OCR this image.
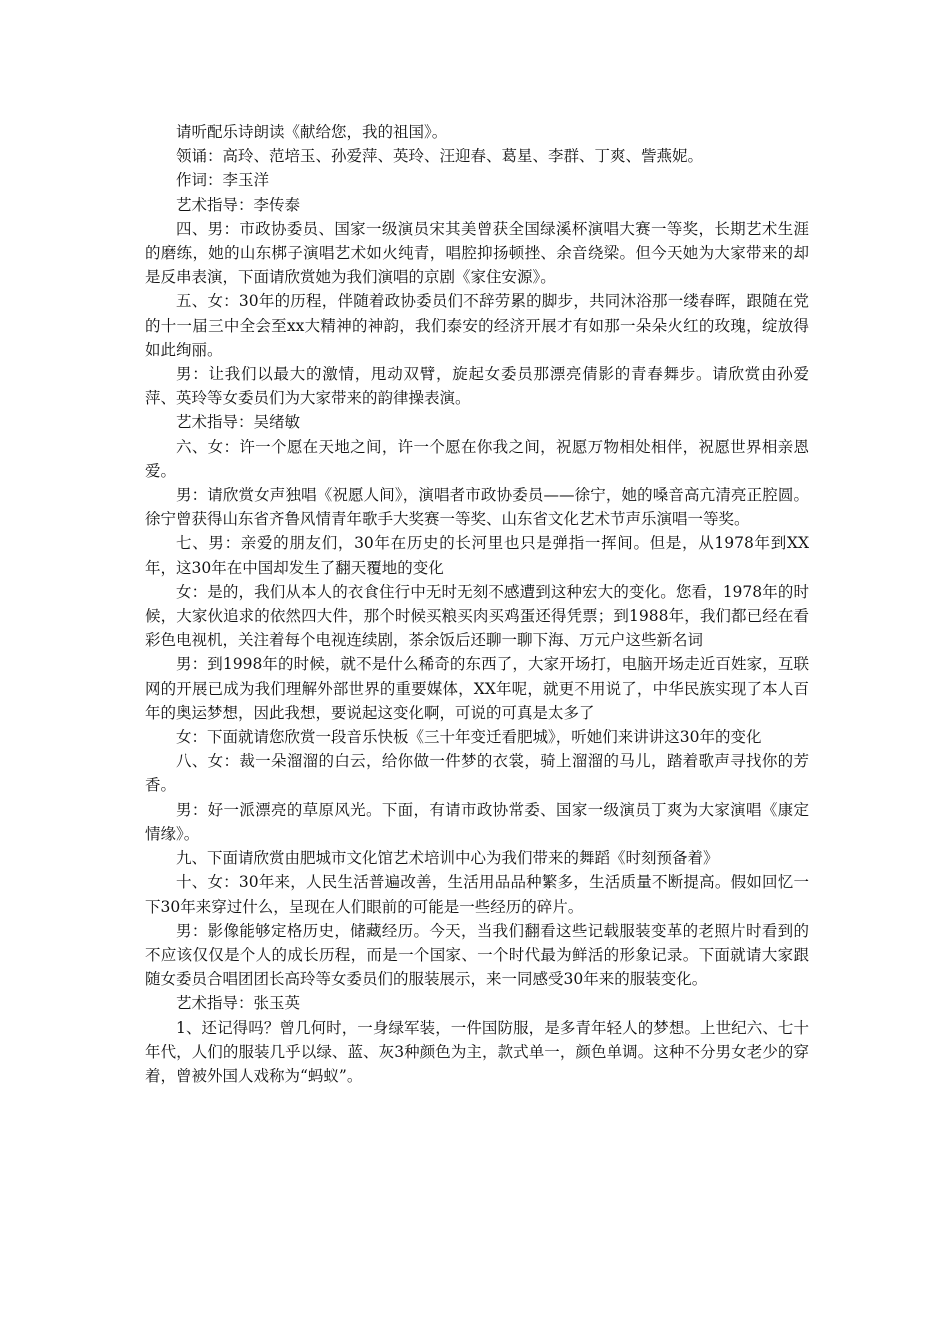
请听配乐诗朗读《献给您，我的祖国》。

领诵：高玲、范培玉、孙爱萍、英玲、汪迎春、葛星、李群、丁爽、訾燕妮。

作词：李玉洋

艺术指导：李传泰

四、男：市政协委员、国家一级演员宋其美曾获全国绿溪杯演唱大赛一等奖，长期艺术生涯的磨练，她的山东梆子演唱艺术如火纯青，唱腔抑扬顿挫、余音绕梁。但今天她为大家带来的却是反串表演，下面请欣赏她为我们演唱的京剧《家住安源》。

五、女：30年的历程，伴随着政协委员们不辞劳累的脚步，共同沐浴那一缕春晖，跟随在党的十一届三中全会至xx大精神的神韵，我们泰安的经济开展才有如那一朵朵火红的玫瑰，绽放得如此绚丽。

男：让我们以最大的激情，甩动双臂，旋起女委员那漂亮倩影的青春舞步。请欣赏由孙爱萍、英玲等女委员们为大家带来的韵律操表演。

艺术指导：吴绪敏

六、女：许一个愿在天地之间，许一个愿在你我之间，祝愿万物相处相伴，祝愿世界相亲恩爱。

男：请欣赏女声独唱《祝愿人间》，演唱者市政协委员——徐宁，她的嗓音高亢清亮正腔圆。徐宁曾获得山东省齐鲁风情青年歌手大奖赛一等奖、山东省文化艺术节声乐演唱一等奖。

七、男：亲爱的朋友们，30年在历史的长河里也只是弹指一挥间。但是，从1978年到XX年，这30年在中国却发生了翻天覆地的变化

女：是的，我们从本人的衣食住行中无时无刻不感遭到这种宏大的变化。您看，1978年的时候，大家伙追求的依然四大件，那个时候买粮买肉买鸡蛋还得凭票；到1988年，我们都已经在看彩色电视机，关注着每个电视连续剧，茶余饭后还聊一聊下海、万元户这些新名词

男：到1998年的时候，就不是什么稀奇的东西了，大家开场打，电脑开场走近百姓家，互联网的开展已成为我们理解外部世界的重要媒体，XX年呢，就更不用说了，中华民族实现了本人百年的奥运梦想，因此我想，要说起这变化啊，可说的可真是太多了

女：下面就请您欣赏一段音乐快板《三十年变迁看肥城》，听她们来讲讲这30年的变化

八、女：裁一朵溜溜的白云，给你做一件梦的衣裳，骑上溜溜的马儿，踏着歌声寻找你的芳香。

男：好一派漂亮的草原风光。下面，有请市政协常委、国家一级演员丁爽为大家演唱《康定情缘》。

九、下面请欣赏由肥城市文化馆艺术培训中心为我们带来的舞蹈《时刻预备着》

十、女：30年来，人民生活普遍改善，生活用品品种繁多，生活质量不断提高。假如回忆一下30年来穿过什么，呈现在人们眼前的可能是一些经历的碎片。

男：影像能够定格历史，储藏经历。今天，当我们翻看这些记载服装变革的老照片时看到的不应该仅仅是个人的成长历程，而是一个国家、一个时代最为鲜活的形象记录。下面就请大家跟随女委员合唱团团长高玲等女委员们的服装展示，来一同感受30年来的服装变化。

艺术指导：张玉英

1、还记得吗？曾几何时，一身绿军装，一件国防服，是多青年轻人的梦想。上世纪六、七十年代，人们的服装几乎以绿、蓝、灰3种颜色为主，款式单一，颜色单调。这种不分男女老少的穿着，曾被外国人戏称为“蚂蚁”。
